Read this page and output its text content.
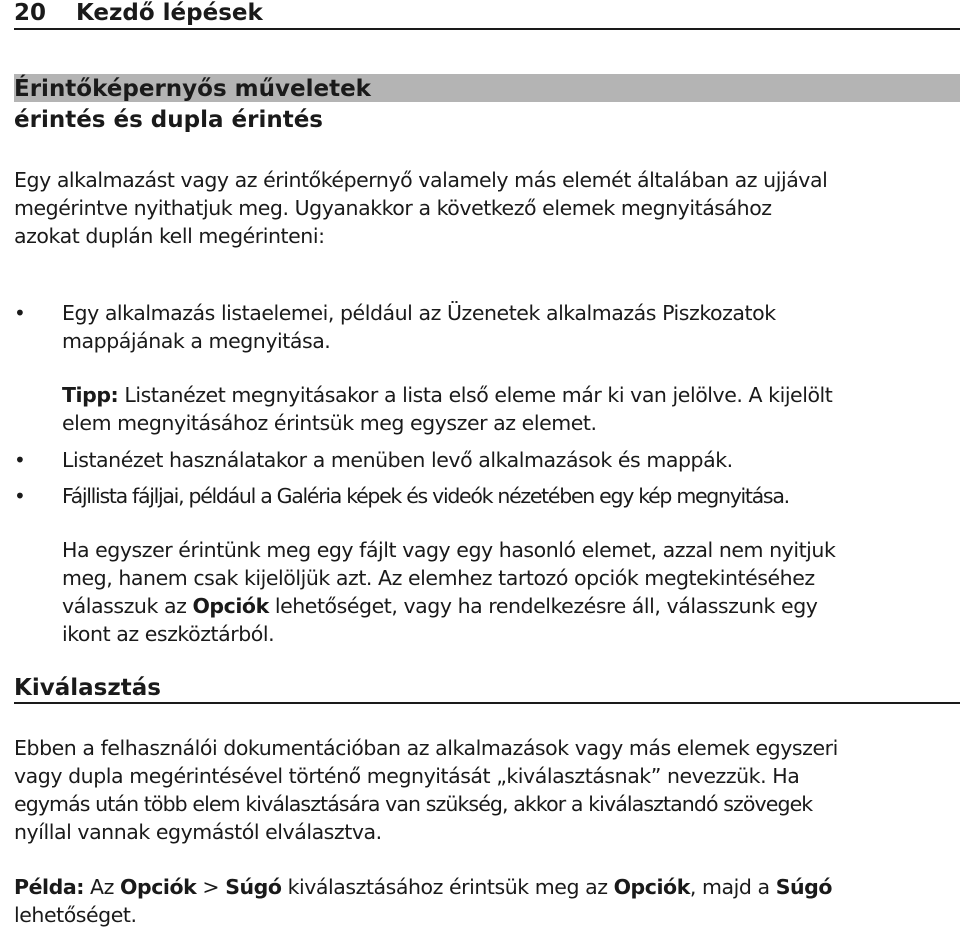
20 Kezdő lépések
Érintőképernyős műveletek
érintés és dupla érintés

Egy alkalmazást vagy az érintőképernyő valamely más elemét általában az ujjával
megérintve nyithatjuk meg. Ugyanakkor a következő elemek megnyitásához
azokat duplán kell megérinteni:

• Egy alkalmazás listaelemei, például az Üzenetek alkalmazás Piszkozatok
mappájának a megnyitása.

Tipp: Listanézet megnyitásakor a lista első eleme már ki van jelölve. A kijelölt
elem megnyitásához érintsük meg egyszer az elemet.

• Listanézet használatakor a menüben levő alkalmazások és mappák.

• Fájllista fájljai, például a Galéria képek és videók nézetében egy kép megnyitása.

Ha egyszer érintünk meg egy fájlt vagy egy hasonló elemet, azzal nem nyitjuk
meg, hanem csak kijelöljük azt. Az elemhez tartozó opciók megtekintéséhez
válasszuk az Opciók lehetőséget, vagy ha rendelkezésre áll, válasszunk egy
ikont az eszköztárból.

Kiválasztás

Ebben a felhasználói dokumentációban az alkalmazások vagy más elemek egyszeri
vagy dupla megérintésével történő megnyitását „kiválasztásnak” nevezzük. Ha
egymás után több elem kiválasztására van szükség, akkor a kiválasztandó szövegek
nyíllal vannak egymástól elválasztva.

Példa: Az Opciók > Súgó kiválasztásához érintsük meg az Opciók, majd a Súgó
lehetőséget.
